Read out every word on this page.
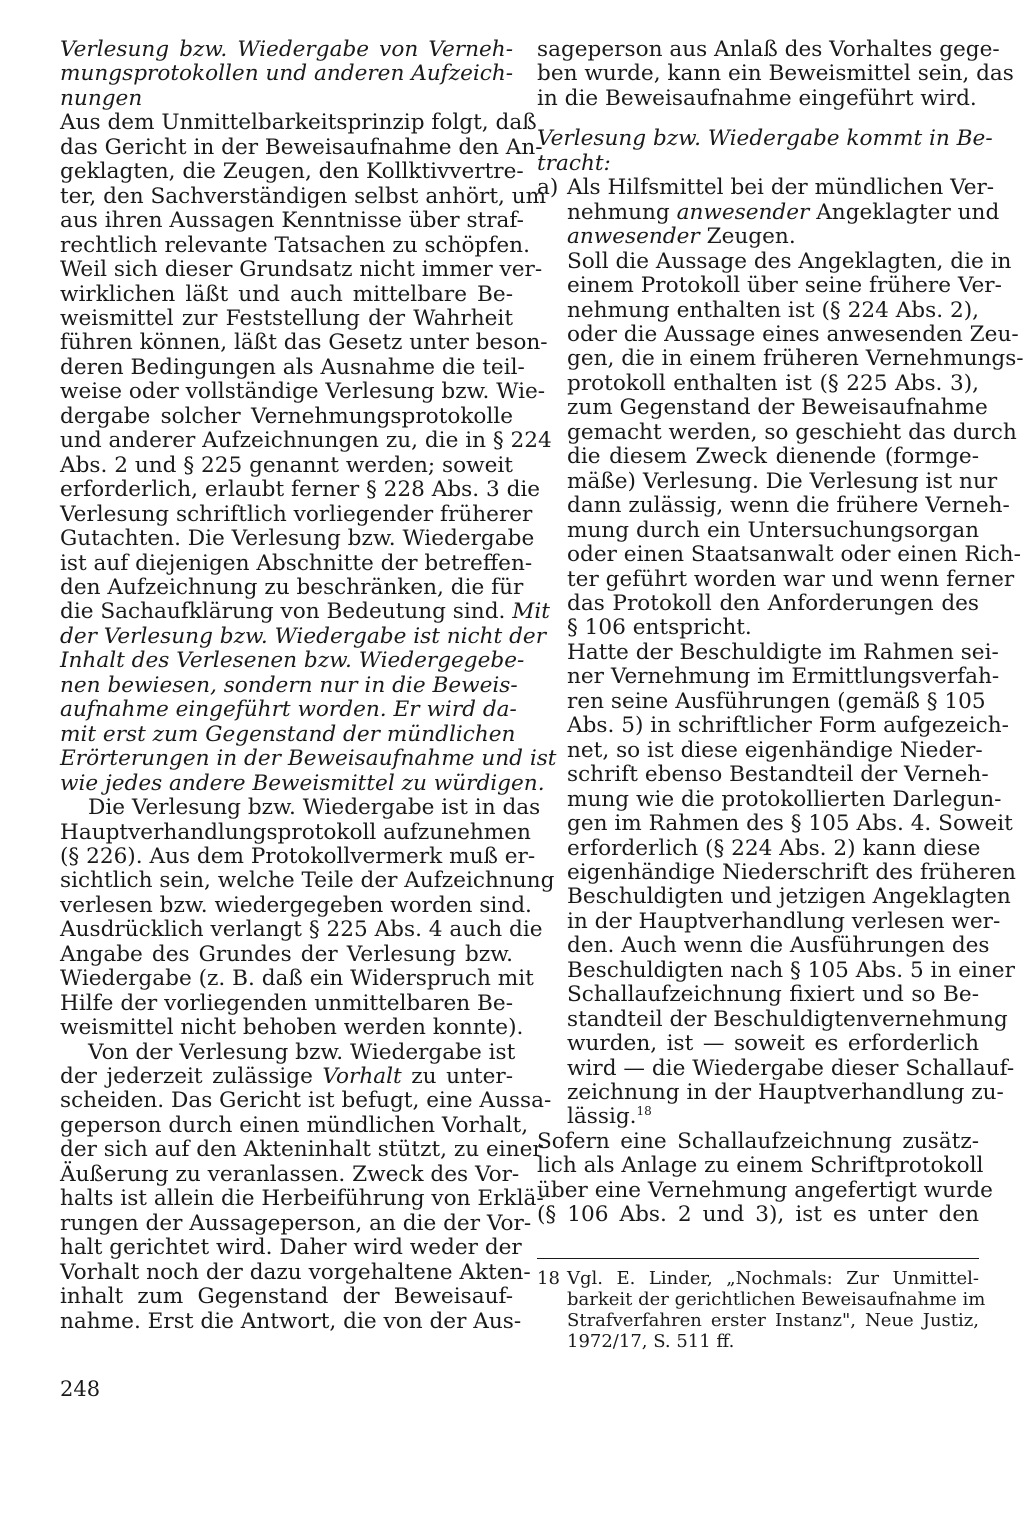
Verlesung bzw. Wiedergabe von Verneh-
mungsprotokollen und anderen Aufzeich-
nungen
Aus dem Unmittelbarkeitsprinzip folgt, daß
das Gericht in der Beweisaufnahme den An-
geklagten, die Zeugen, den Kollktivvertre-
ter, den Sachverständigen selbst anhört, um
aus ihren Aussagen Kenntnisse über straf-
rechtlich relevante Tatsachen zu schöpfen.
Weil sich dieser Grundsatz nicht immer ver-
wirklichen läßt und auch mittelbare Be-
weismittel zur Feststellung der Wahrheit
führen können, läßt das Gesetz unter beson-
deren Bedingungen als Ausnahme die teil-
weise oder vollständige Verlesung bzw. Wie-
dergabe solcher Vernehmungsprotokolle
und anderer Aufzeichnungen zu, die in § 224
Abs. 2 und § 225 genannt werden; soweit
erforderlich, erlaubt ferner § 228 Abs. 3 die
Verlesung schriftlich vorliegender früherer
Gutachten. Die Verlesung bzw. Wiedergabe
ist auf diejenigen Abschnitte der betreffen-
den Aufzeichnung zu beschränken, die für
die Sachaufklärung von Bedeutung sind. Mit
der Verlesung bzw. Wiedergabe ist nicht der
Inhalt des Verlesenen bzw. Wiedergegebe-
nen bewiesen, sondern nur in die Beweis-
aufnahme eingeführt worden. Er wird da-
mit erst zum Gegenstand der mündlichen
Erörterungen in der Beweisaufnahme und ist
wie jedes andere Beweismittel zu würdigen.
Die Verlesung bzw. Wiedergabe ist in das
Hauptverhandlungsprotokoll aufzunehmen
(§ 226). Aus dem Protokollvermerk muß er-
sichtlich sein, welche Teile der Aufzeichnung
verlesen bzw. wiedergegeben worden sind.
Ausdrücklich verlangt § 225 Abs. 4 auch die
Angabe des Grundes der Verlesung bzw.
Wiedergabe (z. B. daß ein Widerspruch mit
Hilfe der vorliegenden unmittelbaren Be-
weismittel nicht behoben werden konnte).
Von der Verlesung bzw. Wiedergabe ist
der jederzeit zulässige Vorhalt zu unter-
scheiden. Das Gericht ist befugt, eine Aussa-
geperson durch einen mündlichen Vorhalt,
der sich auf den Akteninhalt stützt, zu einer
Äußerung zu veranlassen. Zweck des Vor-
halts ist allein die Herbeiführung von Erklä-
rungen der Aussageperson, an die der Vor-
halt gerichtet wird. Daher wird weder der
Vorhalt noch der dazu vorgehaltene Akten-
inhalt zum Gegenstand der Beweisauf-
nahme. Erst die Antwort, die von der Aus-
sageperson aus Anlaß des Vorhaltes gege-
ben wurde, kann ein Beweismittel sein, das
in die Beweisaufnahme eingeführt wird.
Verlesung bzw. Wiedergabe kommt in Be-
tracht:
a) Als Hilfsmittel bei der mündlichen Ver-
nehmung anwesender Angeklagter und
anwesender Zeugen.
Soll die Aussage des Angeklagten, die in
einem Protokoll über seine frühere Ver-
nehmung enthalten ist (§ 224 Abs. 2),
oder die Aussage eines anwesenden Zeu-
gen, die in einem früheren Vernehmungs-
protokoll enthalten ist (§ 225 Abs. 3),
zum Gegenstand der Beweisaufnahme
gemacht werden, so geschieht das durch
die diesem Zweck dienende (formge-
mäße) Verlesung. Die Verlesung ist nur
dann zulässig, wenn die frühere Verneh-
mung durch ein Untersuchungsorgan
oder einen Staatsanwalt oder einen Rich-
ter geführt worden war und wenn ferner
das Protokoll den Anforderungen des
§ 106 entspricht.
Hatte der Beschuldigte im Rahmen sei-
ner Vernehmung im Ermittlungsverfah-
ren seine Ausführungen (gemäß § 105
Abs. 5) in schriftlicher Form aufgezeich-
net, so ist diese eigenhändige Nieder-
schrift ebenso Bestandteil der Verneh-
mung wie die protokollierten Darlegun-
gen im Rahmen des § 105 Abs. 4. Soweit
erforderlich (§ 224 Abs. 2) kann diese
eigenhändige Niederschrift des früheren
Beschuldigten und jetzigen Angeklagten
in der Hauptverhandlung verlesen wer-
den. Auch wenn die Ausführungen des
Beschuldigten nach § 105 Abs. 5 in einer
Schallaufzeichnung fixiert und so Be-
standteil der Beschuldigtenvernehmung
wurden, ist — soweit es erforderlich
wird — die Wiedergabe dieser Schallauf-
zeichnung in der Hauptverhandlung zu-
lässig.$^{18}$
Sofern eine Schallaufzeichnung zusätz-
lich als Anlage zu einem Schriftprotokoll
über eine Vernehmung angefertigt wurde
(§ 106 Abs. 2 und 3), ist es unter den
18 Vgl. E. Linder, „Nochmals: Zur Unmittel-
barkeit der gerichtlichen Beweisaufnahme im
Strafverfahren erster Instanz", Neue Justiz,
1972/17, S. 511 ff.
248
